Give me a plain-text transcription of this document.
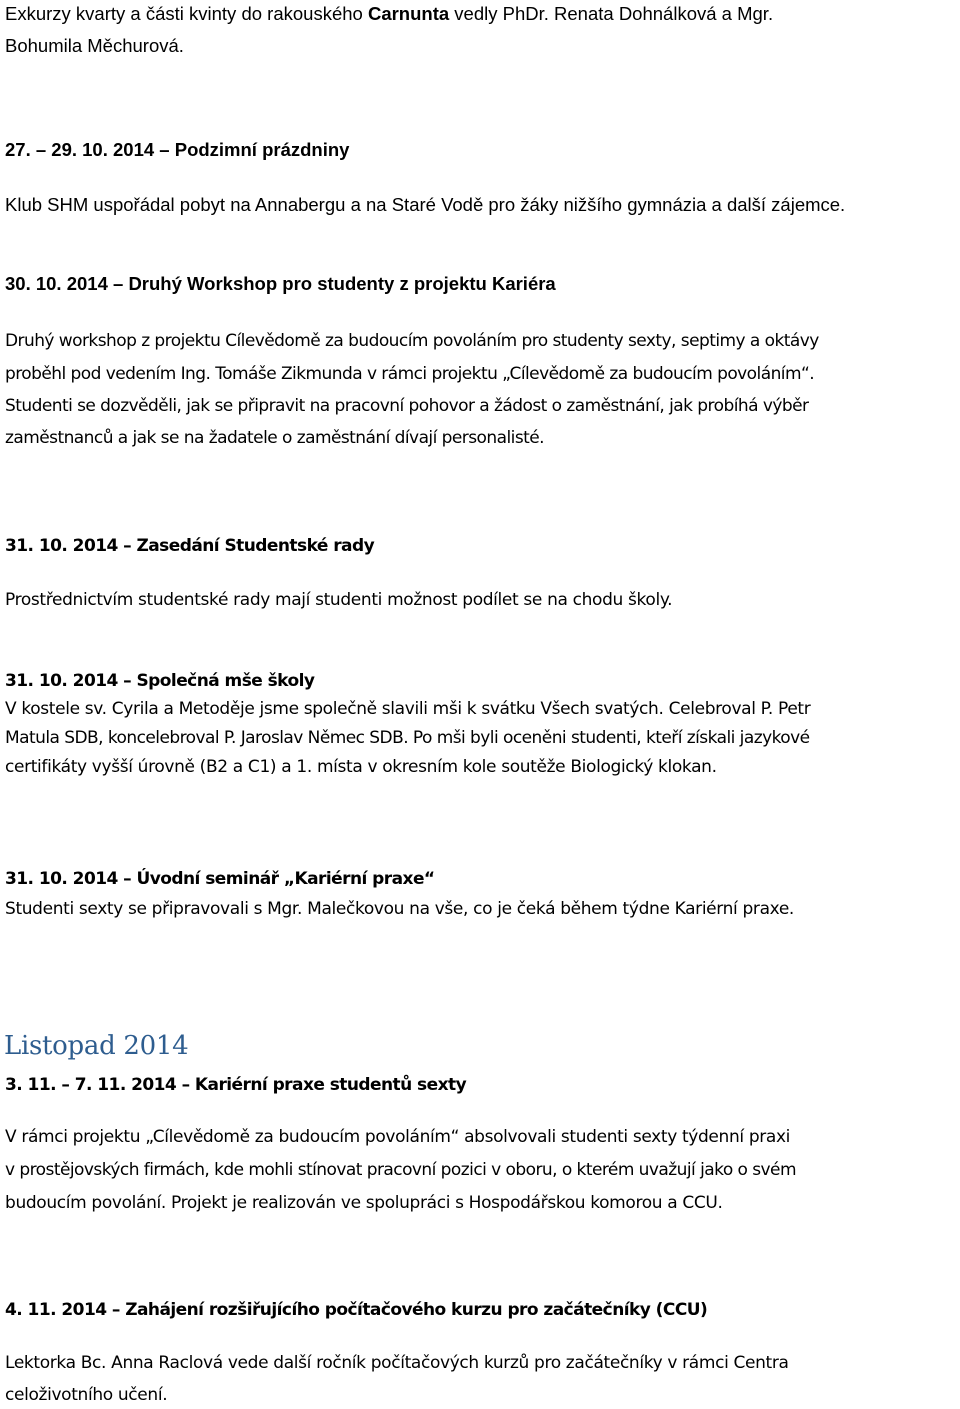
Exkurzy kvarty a části kvinty do rakouského Carnunta vedly PhDr. Renata Dohnálková a Mgr.
Bohumila Měchurová.
27. – 29. 10. 2014 – Podzimní prázdniny
Klub SHM uspořádal pobyt na Annabergu a na Staré Vodě pro žáky nižšího gymnázia a další zájemce.
30. 10. 2014 – Druhý Workshop pro studenty z projektu Kariéra
Druhý workshop z projektu Cílevědomě za budoucím povoláním pro studenty sexty, septimy a oktávy
proběhl pod vedením Ing. Tomáše Zikmunda v rámci projektu „Cílevědomě za budoucím povoláním“.
Studenti se dozvěděli, jak se připravit na pracovní pohovor a žádost o zaměstnání, jak probíhá výběr
zaměstnanců a jak se na žadatele o zaměstnání dívají personalisté.
31. 10. 2014 – Zasedání Studentské rady
Prostřednictvím studentské rady mají studenti možnost podílet se na chodu školy.
31. 10. 2014 – Společná mše školy
V kostele sv. Cyrila a Metoděje jsme společně slavili mši k svátku Všech svatých. Celebroval P. Petr
Matula SDB, koncelebroval P. Jaroslav Němec SDB. Po mši byli oceněni studenti, kteří získali jazykové
certifikáty vyšší úrovně (B2 a C1) a 1. místa v okresním kole soutěže Biologický klokan.
31. 10. 2014 – Úvodní seminář „Kariérní praxe“
Studenti sexty se připravovali s Mgr. Malečkovou na vše, co je čeká během týdne Kariérní praxe.
Listopad 2014
3. 11. – 7. 11. 2014 – Kariérní praxe studentů sexty
V rámci projektu „Cílevědomě za budoucím povoláním“ absolvovali studenti sexty týdenní praxi
v prostějovských firmách, kde mohli stínovat pracovní pozici v oboru, o kterém uvažují jako o svém
budoucím povolání. Projekt je realizován ve spolupráci s Hospodářskou komorou a CCU.
4. 11. 2014 – Zahájení rozšiřujícího počítačového kurzu pro začátečníky (CCU)
Lektorka Bc. Anna Raclová vede další ročník počítačových kurzů pro začátečníky v rámci Centra
celoživotního učení.
